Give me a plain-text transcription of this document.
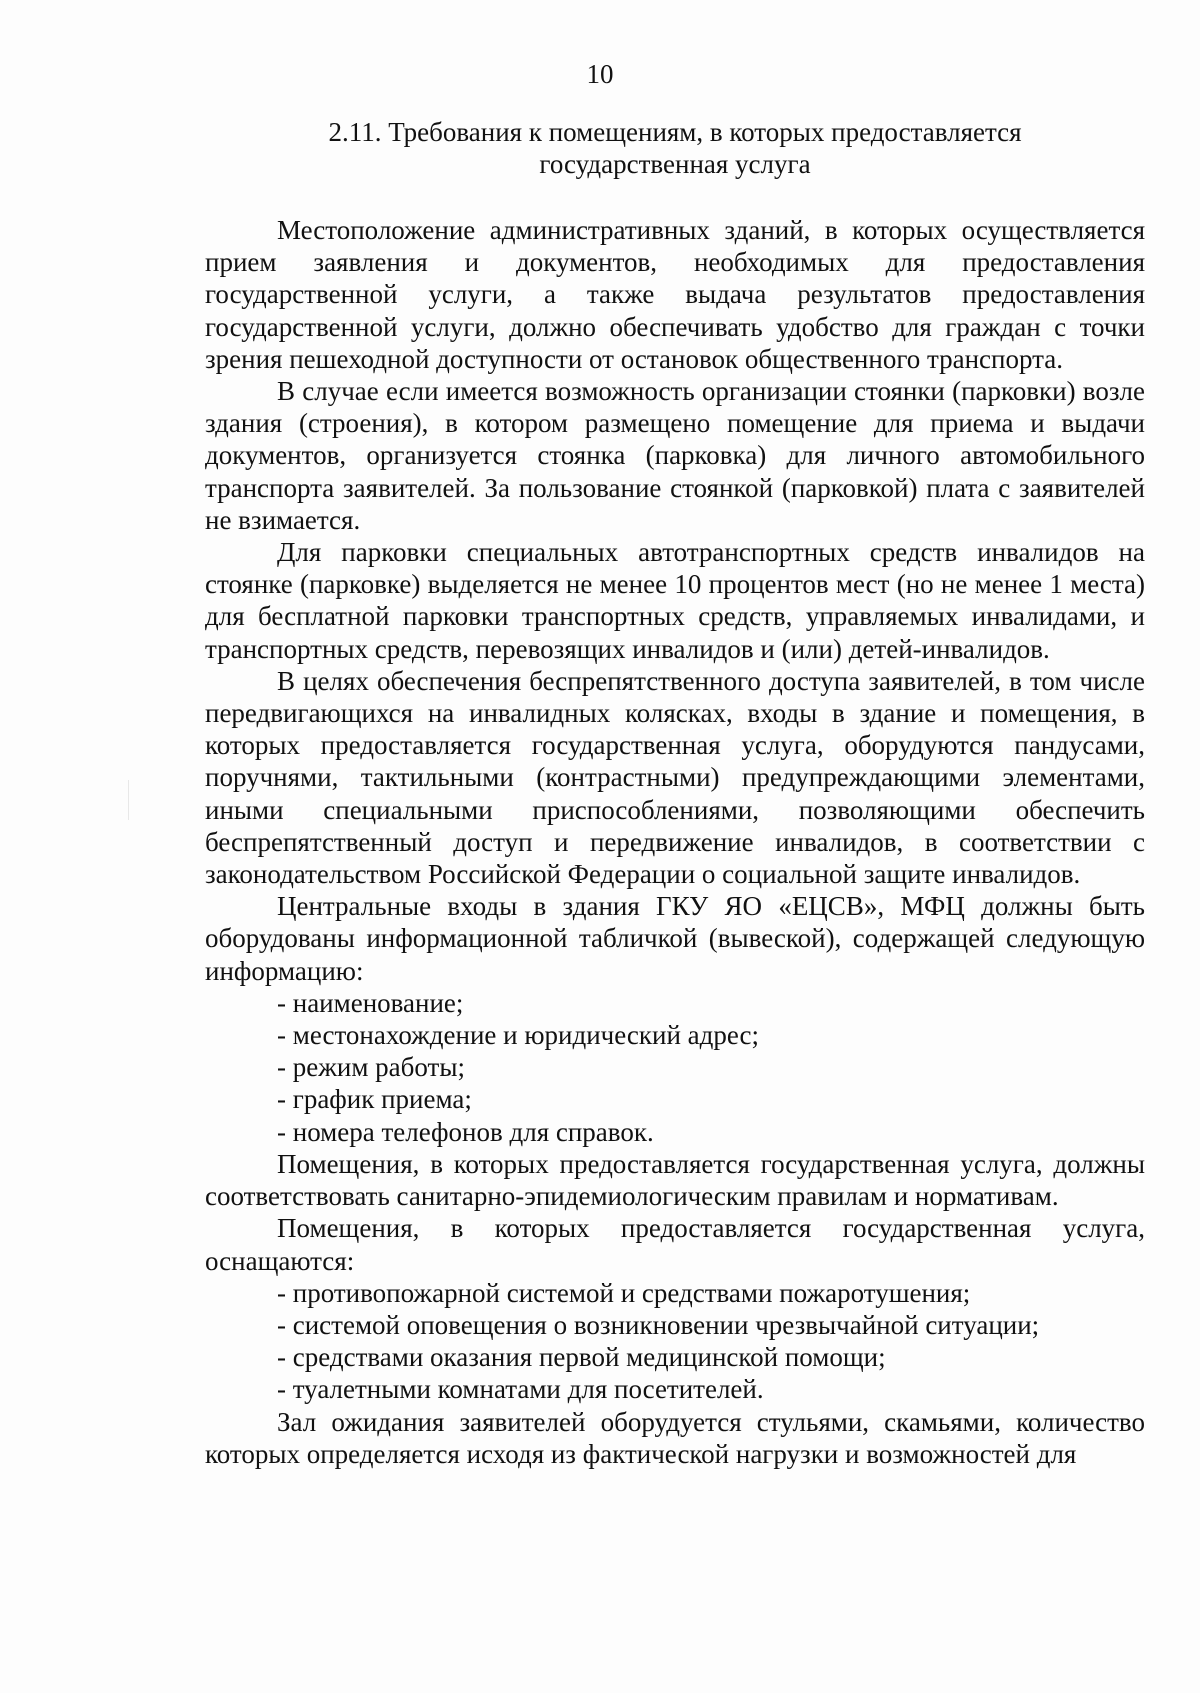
10
2.11. Требования к помещениям, в которых предоставляется
государственная услуга

Местоположение административных зданий, в которых осуществляется прием заявления и документов, необходимых для предоставления государственной услуги, а также выдача результатов предоставления государственной услуги, должно обеспечивать удобство для граждан с точки зрения пешеходной доступности от остановок общественного транспорта.

В случае если имеется возможность организации стоянки (парковки) возле здания (строения), в котором размещено помещение для приема и выдачи документов, организуется стоянка (парковка) для личного автомобильного транспорта заявителей. За пользование стоянкой (парковкой) плата с заявителей не взимается.

Для парковки специальных автотранспортных средств инвалидов на стоянке (парковке) выделяется не менее 10 процентов мест (но не менее 1 места) для бесплатной парковки транспортных средств, управляемых инвалидами, и транспортных средств, перевозящих инвалидов и (или) детей-инвалидов.

В целях обеспечения беспрепятственного доступа заявителей, в том числе передвигающихся на инвалидных колясках, входы в здание и помещения, в которых предоставляется государственная услуга, оборудуются пандусами, поручнями, тактильными (контрастными) предупреждающими элементами, иными специальными приспособлениями, позволяющими обеспечить беспрепятственный доступ и передвижение инвалидов, в соответствии с законодательством Российской Федерации о социальной защите инвалидов.

Центральные входы в здания ГКУ ЯО «ЕЦСВ», МФЦ должны быть оборудованы информационной табличкой (вывеской), содержащей следующую информацию:

- наименование;

- местонахождение и юридический адрес;

- режим работы;

- график приема;

- номера телефонов для справок.

Помещения, в которых предоставляется государственная услуга, должны соответствовать санитарно-эпидемиологическим правилам и нормативам.

Помещения, в которых предоставляется государственная услуга, оснащаются:

- противопожарной системой и средствами пожаротушения;

- системой оповещения о возникновении чрезвычайной ситуации;

- средствами оказания первой медицинской помощи;

- туалетными комнатами для посетителей.

Зал ожидания заявителей оборудуется стульями, скамьями, количество которых определяется исходя из фактической нагрузки и возможностей для
